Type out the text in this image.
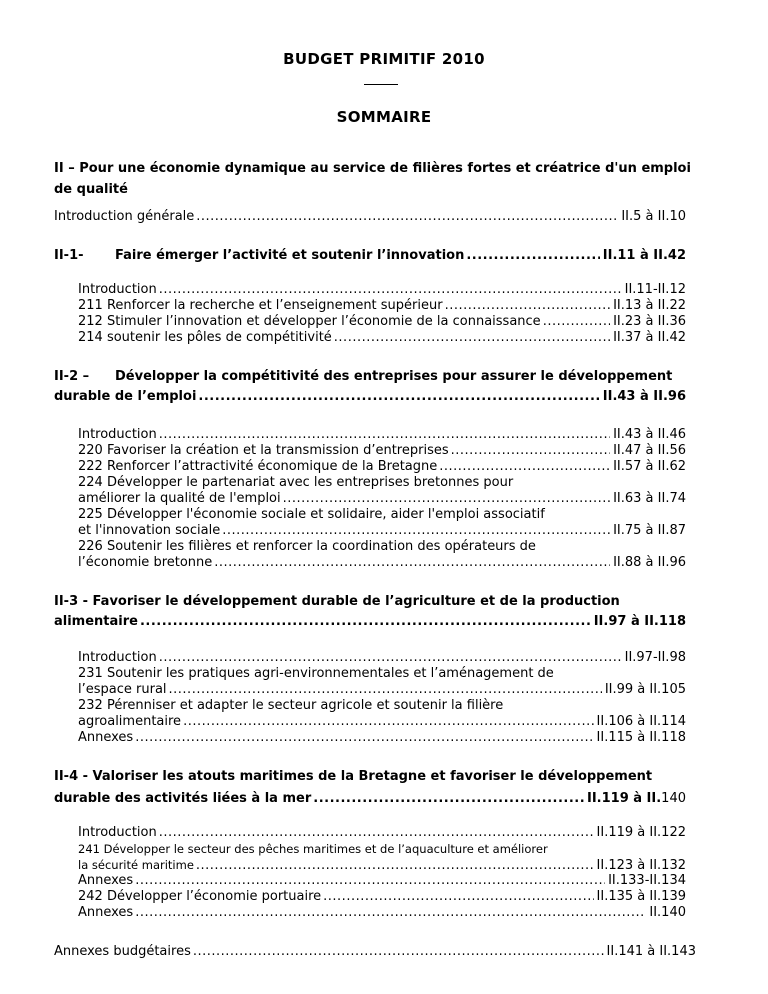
BUDGET PRIMITIF 2010
SOMMAIRE
II – Pour une économie dynamique au service de filières fortes et créatrice d'un emploi de qualité
Introduction générale .....	II.5 à II.10
II-1-	Faire émerger l’activité et soutenir l’innovation .....	II.11 à II.42
Introduction .....	II.11-II.12
211 Renforcer la recherche et l’enseignement supérieur .....	II.13 à II.22
212 Stimuler l’innovation et développer l’économie de la connaissance .....	II.23 à II.36
214 soutenir les pôles de compétitivité .....	II.37 à II.42
II-2 – Développer la compétitivité des entreprises pour assurer le développement
durable de l’emploi .....	II.43 à II.96
Introduction .....	II.43 à II.46
220 Favoriser la création et la transmission d’entreprises .....	II.47 à II.56
222 Renforcer l’attractivité économique de la Bretagne .....	II.57 à II.62
224 Développer le partenariat avec les entreprises bretonnes pour
améliorer la qualité de l'emploi .....	II.63 à II.74
225 Développer l'économie sociale et solidaire, aider l'emploi associatif
et l'innovation sociale .....	II.75 à II.87
226 Soutenir les filières et renforcer la coordination des opérateurs de
l’économie bretonne .....	II.88 à II.96
II-3 - Favoriser le développement durable de l’agriculture et de la production
alimentaire .....	II.97 à II.118
Introduction .....	II.97-II.98
231 Soutenir les pratiques agri-environnementales et l’aménagement de
l’espace rural .....	II.99 à II.105
232 Pérenniser et adapter le secteur agricole et soutenir la filière
agroalimentaire .....	II.106 à II.114
Annexes .....	II.115 à II.118
II-4 - Valoriser les atouts maritimes de la Bretagne et favoriser le développement
durable des activités liées à la mer .....	II.119 à II.140
Introduction .....	II.119 à II.122
241 Développer le secteur des pêches maritimes et de l’aquaculture et améliorer
la sécurité maritime .....	II.123 à II.132
Annexes .....	II.133-II.134
242 Développer l’économie portuaire .....	II.135 à II.139
Annexes .....	II.140
Annexes budgétaires .....	II.141 à II.143
